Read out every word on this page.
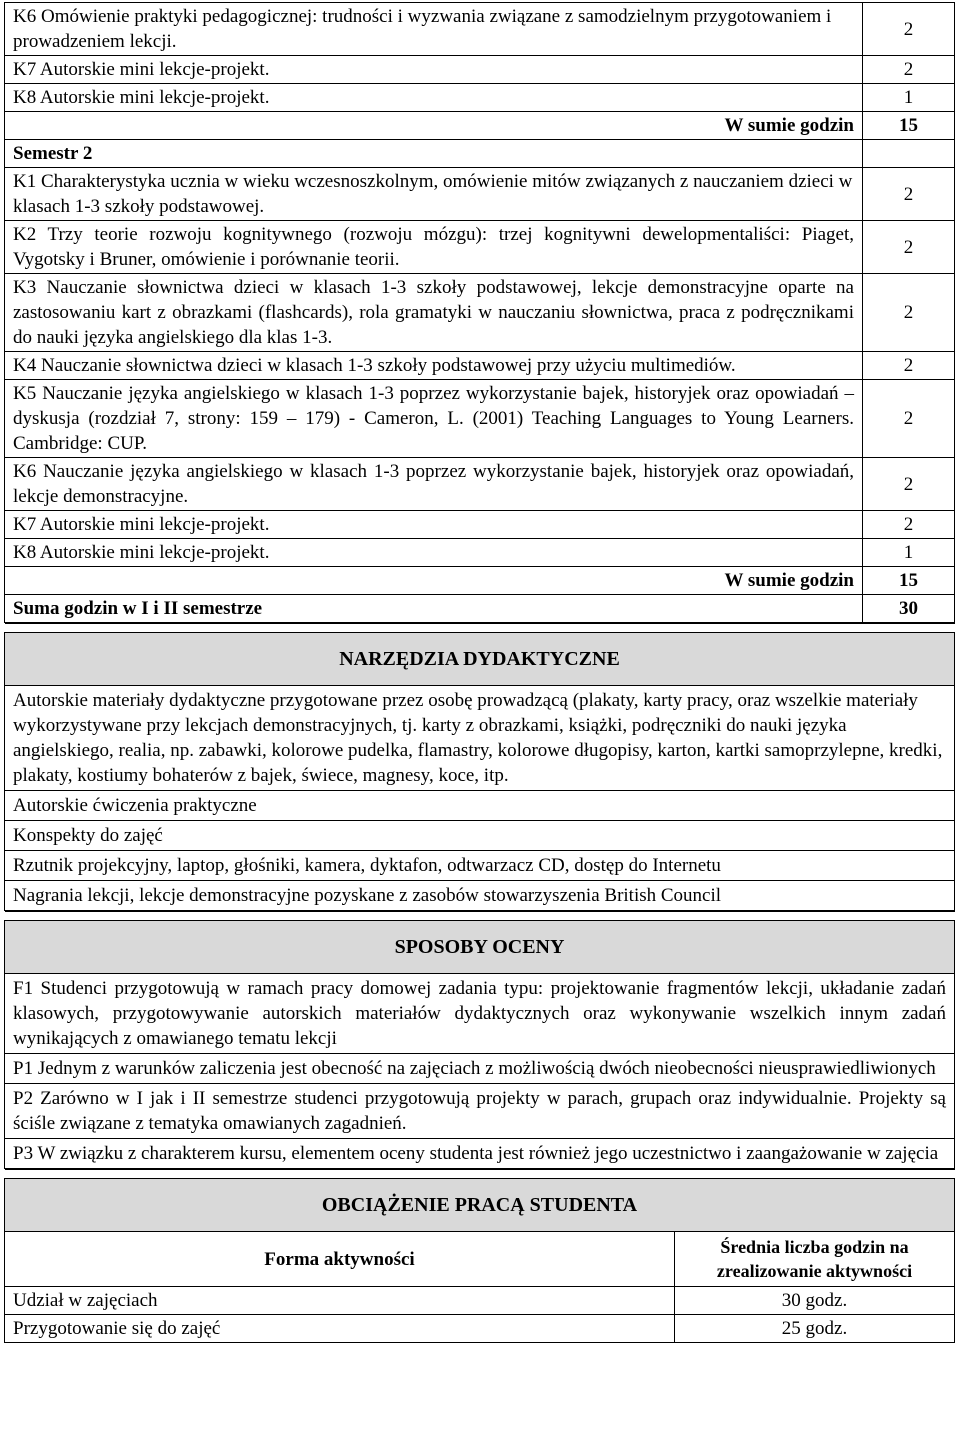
K6 Omówienie praktyki pedagogicznej: trudności i wyzwania związane z samodzielnym przygotowaniem i prowadzeniem lekcji.	2
K7 Autorskie mini lekcje-projekt.	2
K8 Autorskie mini lekcje-projekt.	1
W sumie godzin	15
Semestr 2	
K1 Charakterystyka ucznia w wieku wczesnoszkolnym, omówienie mitów związanych z nauczaniem dzieci w klasach 1-3 szkoły podstawowej.	2
K2 Trzy teorie rozwoju kognitywnego (rozwoju mózgu): trzej kognitywni dewelopmentaliści: Piaget, Vygotsky i Bruner, omówienie i porównanie teorii.	2
K3 Nauczanie słownictwa dzieci w klasach 1-3 szkoły podstawowej, lekcje demonstracyjne oparte na zastosowaniu kart z obrazkami (flashcards), rola gramatyki w nauczaniu słownictwa, praca z podręcznikami do nauki języka angielskiego dla klas 1-3.	2
K4 Nauczanie słownictwa dzieci w klasach 1-3 szkoły podstawowej przy użyciu multimediów.	2
K5 Nauczanie języka angielskiego w klasach 1-3 poprzez wykorzystanie bajek, historyjek oraz opowiadań – dyskusja (rozdział 7, strony: 159 – 179) - Cameron, L. (2001) Teaching Languages to Young Learners. Cambridge: CUP.	2
K6 Nauczanie języka angielskiego w klasach 1-3 poprzez wykorzystanie bajek, historyjek oraz opowiadań, lekcje demonstracyjne.	2
K7 Autorskie mini lekcje-projekt.	2
K8 Autorskie mini lekcje-projekt.	1
W sumie godzin	15
Suma godzin w I i II semestrze	30

NARZĘDZIA DYDAKTYCZNE
Autorskie materiały dydaktyczne przygotowane przez osobę prowadzącą (plakaty, karty pracy, oraz wszelkie materiały wykorzystywane przy lekcjach demonstracyjnych, tj. karty z obrazkami, książki, podręczniki do nauki języka angielskiego, realia, np. zabawki, kolorowe pudelka, flamastry, kolorowe długopisy, karton, kartki samoprzylepne, kredki, plakaty, kostiumy bohaterów z bajek, świece, magnesy, koce, itp.
Autorskie ćwiczenia praktyczne
Konspekty do zajęć
Rzutnik projekcyjny, laptop, głośniki, kamera, dyktafon, odtwarzacz CD, dostęp do Internetu
Nagrania lekcji, lekcje demonstracyjne pozyskane z zasobów stowarzyszenia British Council

SPOSOBY OCENY
F1 Studenci przygotowują w ramach pracy domowej zadania typu: projektowanie fragmentów lekcji, układanie zadań klasowych, przygotowywanie autorskich materiałów dydaktycznych oraz wykonywanie wszelkich innym zadań wynikających z omawianego tematu lekcji
P1 Jednym z warunków zaliczenia jest obecność na zajęciach z możliwością dwóch nieobecności nieusprawiedliwionych
P2 Zarówno w I jak i II semestrze studenci przygotowują projekty w parach, grupach oraz indywidualnie. Projekty są ściśle związane z tematyka omawianych zagadnień.
P3 W związku z charakterem kursu, elementem oceny studenta jest również jego uczestnictwo i zaangażowanie w zajęcia

OBCIĄŻENIE PRACĄ STUDENTA	
Forma aktywności	Średnia liczba godzin na zrealizowanie aktywności
Udział w zajęciach	30 godz.
Przygotowanie się do zajęć	25 godz.
